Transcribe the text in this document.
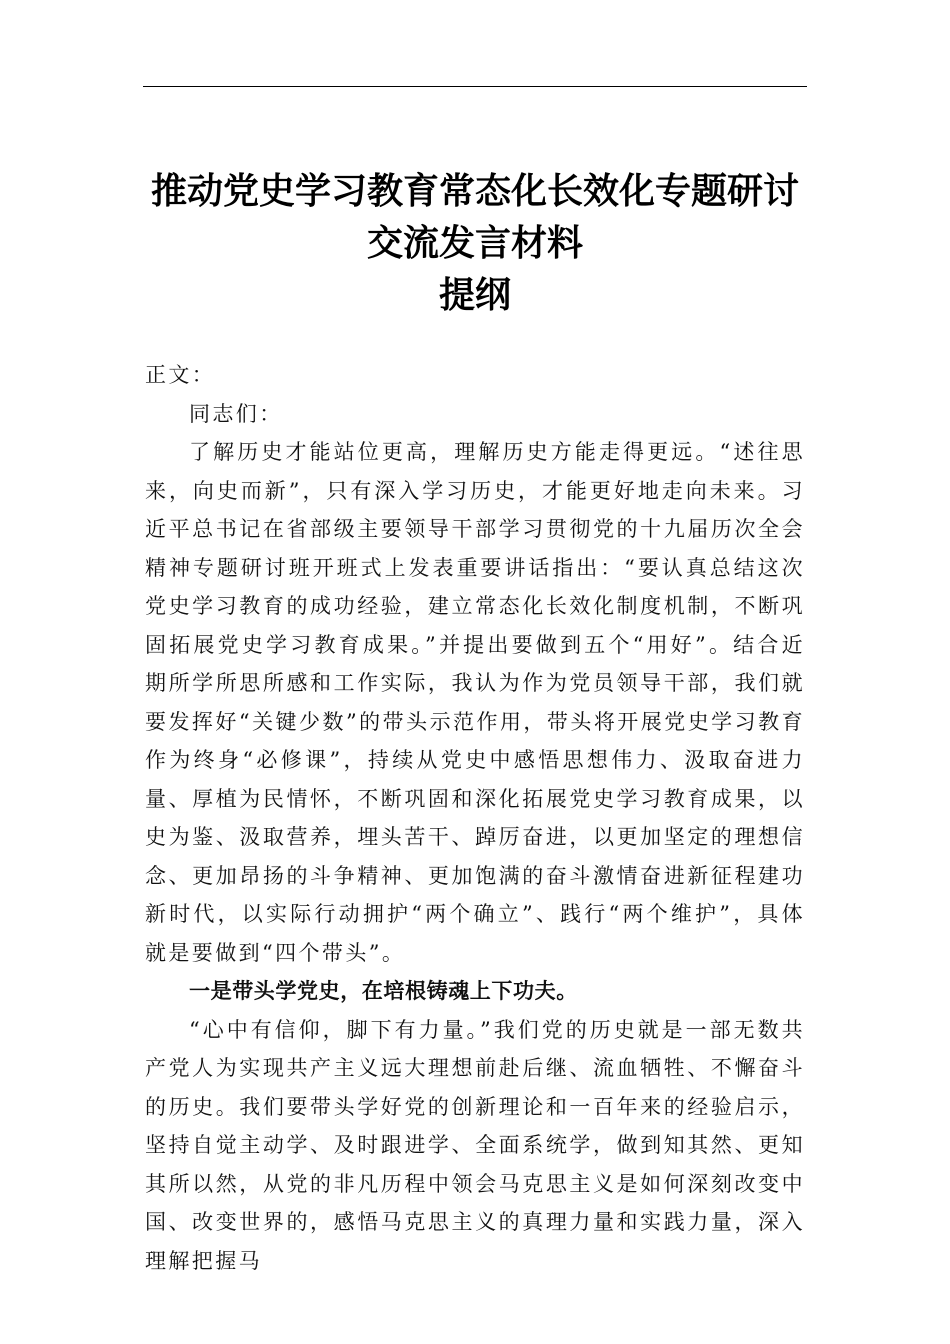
推动党史学习教育常态化长效化专题研讨
交流发言材料
提纲

正文：

同志们：

了解历史才能站位更高，理解历史方能走得更远。“述往思来，向史而新”，只有深入学习历史，才能更好地走向未来。习近平总书记在省部级主要领导干部学习贯彻党的十九届历次全会精神专题研讨班开班式上发表重要讲话指出：“要认真总结这次党史学习教育的成功经验，建立常态化长效化制度机制，不断巩固拓展党史学习教育成果。”并提出要做到五个“用好”。结合近期所学所思所感和工作实际，我认为作为党员领导干部，我们就要发挥好“关键少数”的带头示范作用，带头将开展党史学习教育作为终身“必修课”，持续从党史中感悟思想伟力、汲取奋进力量、厚植为民情怀，不断巩固和深化拓展党史学习教育成果，以史为鉴、汲取营养，埋头苦干、踔厉奋进，以更加坚定的理想信念、更加昂扬的斗争精神、更加饱满的奋斗激情奋进新征程建功新时代，以实际行动拥护“两个确立”、践行“两个维护”，具体就是要做到“四个带头”。

一是带头学党史，在培根铸魂上下功夫。

“心中有信仰，脚下有力量。”我们党的历史就是一部无数共产党人为实现共产主义远大理想前赴后继、流血牺牲、不懈奋斗的历史。我们要带头学好党的创新理论和一百年来的经验启示，坚持自觉主动学、及时跟进学、全面系统学，做到知其然、更知其所以然，从党的非凡历程中领会马克思主义是如何深刻改变中国、改变世界的，感悟马克思主义的真理力量和实践力量，深入理解把握马
